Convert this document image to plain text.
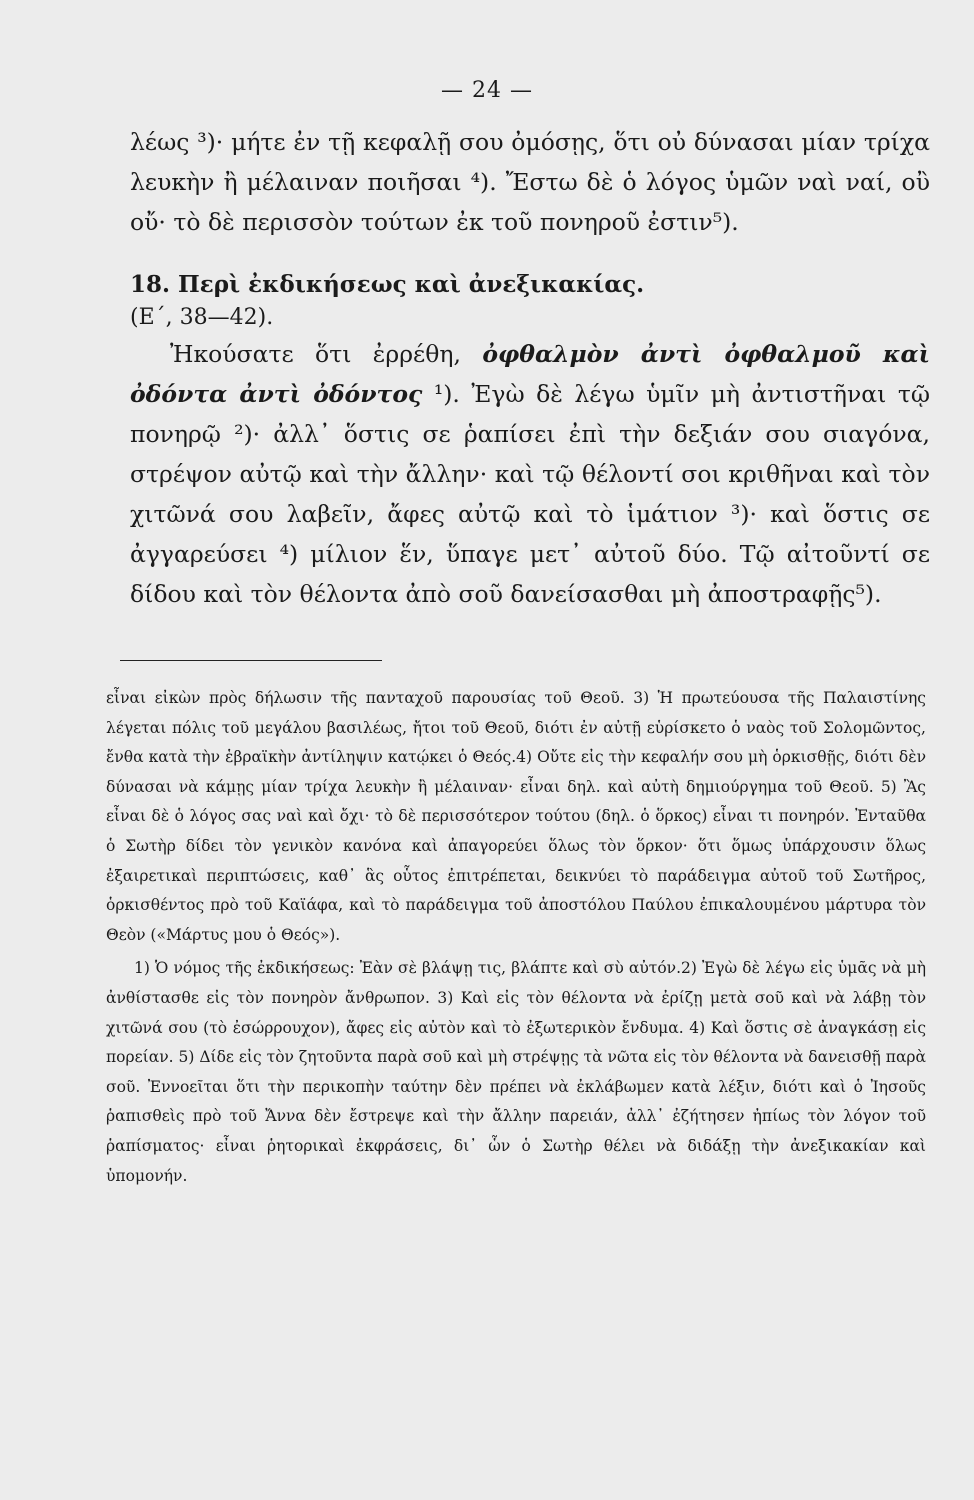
— 24 —

λέως ³)· μήτε ἐν τῇ κεφαλῇ σου ὀμόσῃς, ὅτι οὐ δύνασαι μίαν τρίχα λευκὴν ἢ μέλαιναν ποιῆσαι ⁴). Ἔστω δὲ ὁ λόγος ὑμῶν ναὶ ναί, οὒ οὔ· τὸ δὲ περισσὸν τούτων ἐκ τοῦ πονηροῦ ἐστιν⁵).

18. Περὶ ἐκδικήσεως καὶ ἀνεξικακίας.

(Ε΄, 38—42).

Ἠκούσατε ὅτι ἐρρέθη, ὀφθαλμὸν ἀντὶ ὀφθαλμοῦ καὶ ὀδόντα ἀντὶ ὀδόντος ¹). Ἐγὼ δὲ λέγω ὑμῖν μὴ ἀντιστῆναι τῷ πονηρῷ ²)· ἀλλ᾽ ὅστις σε ῥαπίσει ἐπὶ τὴν δεξιάν σου σιαγόνα, στρέψον αὐτῷ καὶ τὴν ἄλλην· καὶ τῷ θέλοντί σοι κριθῆναι καὶ τὸν χιτῶνά σου λαβεῖν, ἄφες αὐτῷ καὶ τὸ ἱμάτιον ³)· καὶ ὅστις σε ἀγγαρεύσει ⁴) μίλιον ἕν, ὕπαγε μετ᾽ αὐτοῦ δύο. Τῷ αἰτοῦντί σε δίδου καὶ τὸν θέλοντα ἀπὸ σοῦ δανείσασθαι μὴ ἀποστραφῇς⁵).

εἶναι εἰκὼν πρὸς δήλωσιν τῆς πανταχοῦ παρουσίας τοῦ Θεοῦ. 3) Ἡ πρωτεύουσα τῆς Παλαιστίνης λέγεται πόλις τοῦ μεγάλου βασιλέως, ἤτοι τοῦ Θεοῦ, διότι ἐν αὐτῇ εὑρίσκετο ὁ ναὸς τοῦ Σολομῶντος, ἔνθα κατὰ τὴν ἑβραϊκὴν ἀντίληψιν κατῴκει ὁ Θεός.4) Οὔτε εἰς τὴν κεφαλήν σου μὴ ὁρκισθῇς, διότι δὲν δύνασαι νὰ κάμῃς μίαν τρίχα λευκὴν ἢ μέλαιναν· εἶναι δηλ. καὶ αὐτὴ δημιούργημα τοῦ Θεοῦ. 5) Ἂς εἶναι δὲ ὁ λόγος σας ναὶ καὶ ὄχι· τὸ δὲ περισσότερον τούτου (δηλ. ὁ ὅρκος) εἶναι τι πονηρόν. Ἐνταῦθα ὁ Σωτὴρ δίδει τὸν γενικὸν κανόνα καὶ ἀπαγορεύει ὅλως τὸν ὅρκον· ὅτι ὅμως ὑπάρχουσιν ὅλως ἐξαιρετικαὶ περιπτώσεις, καθ᾽ ἃς οὗτος ἐπιτρέπεται, δεικνύει τὸ παράδειγμα αὐτοῦ τοῦ Σωτῆρος, ὁρκισθέντος πρὸ τοῦ Καϊάφα, καὶ τὸ παράδειγμα τοῦ ἀποστόλου Παύλου ἐπικαλουμένου μάρτυρα τὸν Θεὸν («Μάρτυς μου ὁ Θεός»).

1) Ὁ νόμος τῆς ἐκδικήσεως: Ἐὰν σὲ βλάψῃ τις, βλάπτε καὶ σὺ αὐτόν.2) Ἐγὼ δὲ λέγω εἰς ὑμᾶς νὰ μὴ ἀνθίστασθε εἰς τὸν πονηρὸν ἄνθρωπον. 3) Καὶ εἰς τὸν θέλοντα νὰ ἐρίζῃ μετὰ σοῦ καὶ νὰ λάβῃ τὸν χιτῶνά σου (τὸ ἐσώρρουχον), ἄφες εἰς αὐτὸν καὶ τὸ ἐξωτερικὸν ἔνδυμα. 4) Καὶ ὅστις σὲ ἀναγκάσῃ εἰς πορείαν. 5) Δίδε εἰς τὸν ζητοῦντα παρὰ σοῦ καὶ μὴ στρέψῃς τὰ νῶτα εἰς τὸν θέλοντα νὰ δανεισθῇ παρὰ σοῦ. Ἐννοεῖται ὅτι τὴν περικοπὴν ταύτην δὲν πρέπει νὰ ἐκλάβωμεν κατὰ λέξιν, διότι καὶ ὁ Ἰησοῦς ῥαπισθεὶς πρὸ τοῦ Ἄννα δὲν ἔστρεψε καὶ τὴν ἄλλην παρειάν, ἀλλ᾽ ἐζήτησεν ἠπίως τὸν λόγον τοῦ ῥαπίσματος· εἶναι ῥητορικαὶ ἐκφράσεις, δι᾽ ὧν ὁ Σωτὴρ θέλει νὰ διδάξῃ τὴν ἀνεξικακίαν καὶ ὑπομονήν.
